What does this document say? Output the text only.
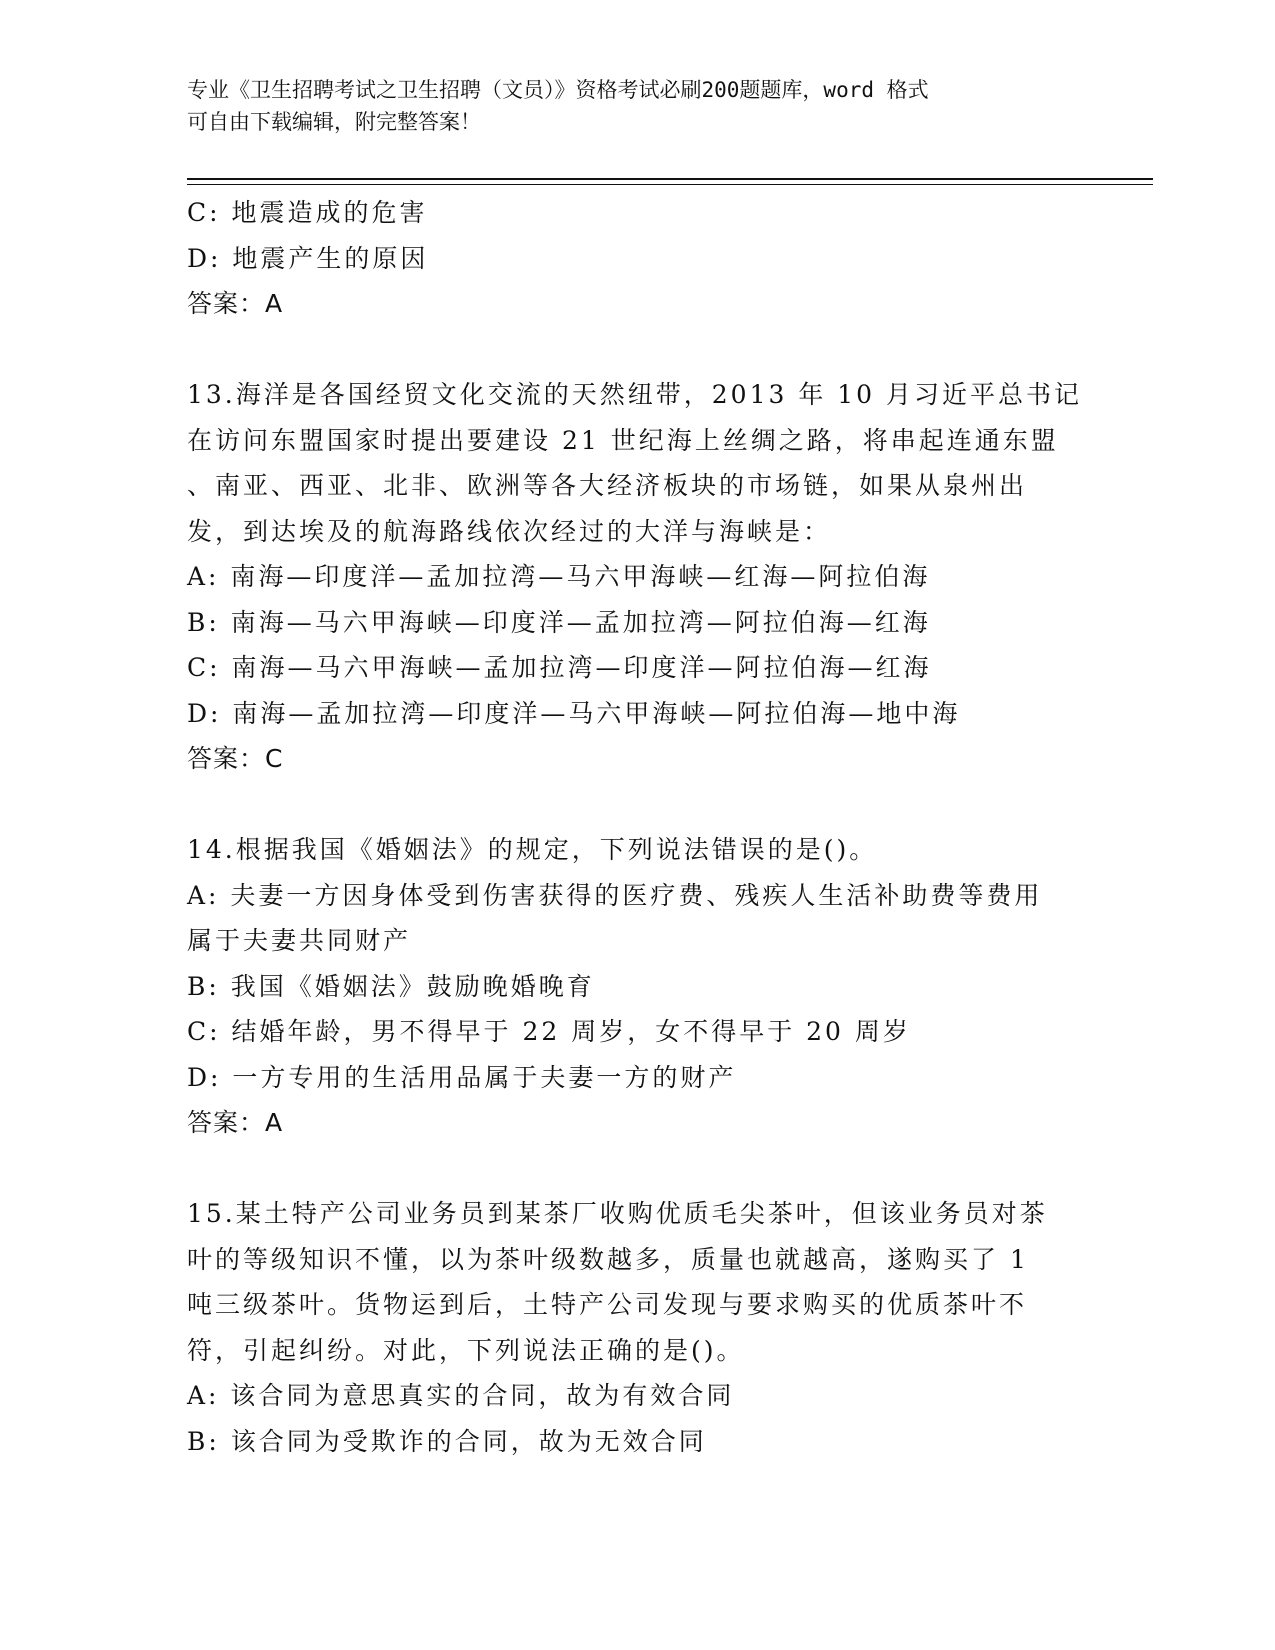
专业《卫生招聘考试之卫生招聘（文员）》资格考试必刷200题题库，word 格式
可自由下载编辑，附完整答案！
C: 地震造成的危害
D: 地震产生的原因
答案：A
13.海洋是各国经贸文化交流的天然纽带，2013 年 10 月习近平总书记
在访问东盟国家时提出要建设 21 世纪海上丝绸之路，将串起连通东盟
、南亚、西亚、北非、欧洲等各大经济板块的市场链，如果从泉州出
发，到达埃及的航海路线依次经过的大洋与海峡是：
A: 南海—印度洋—孟加拉湾—马六甲海峡—红海—阿拉伯海
B: 南海—马六甲海峡—印度洋—孟加拉湾—阿拉伯海—红海
C: 南海—马六甲海峡—孟加拉湾—印度洋—阿拉伯海—红海
D: 南海—孟加拉湾—印度洋—马六甲海峡—阿拉伯海—地中海
答案：C
14.根据我国《婚姻法》的规定，下列说法错误的是()。
A: 夫妻一方因身体受到伤害获得的医疗费、残疾人生活补助费等费用
属于夫妻共同财产
B: 我国《婚姻法》鼓励晚婚晚育
C: 结婚年龄，男不得早于 22 周岁，女不得早于 20 周岁
D: 一方专用的生活用品属于夫妻一方的财产
答案：A
15.某土特产公司业务员到某茶厂收购优质毛尖茶叶，但该业务员对茶
叶的等级知识不懂，以为茶叶级数越多，质量也就越高，遂购买了 1
吨三级茶叶。货物运到后，土特产公司发现与要求购买的优质茶叶不
符，引起纠纷。对此，下列说法正确的是()。
A: 该合同为意思真实的合同，故为有效合同
B: 该合同为受欺诈的合同，故为无效合同
